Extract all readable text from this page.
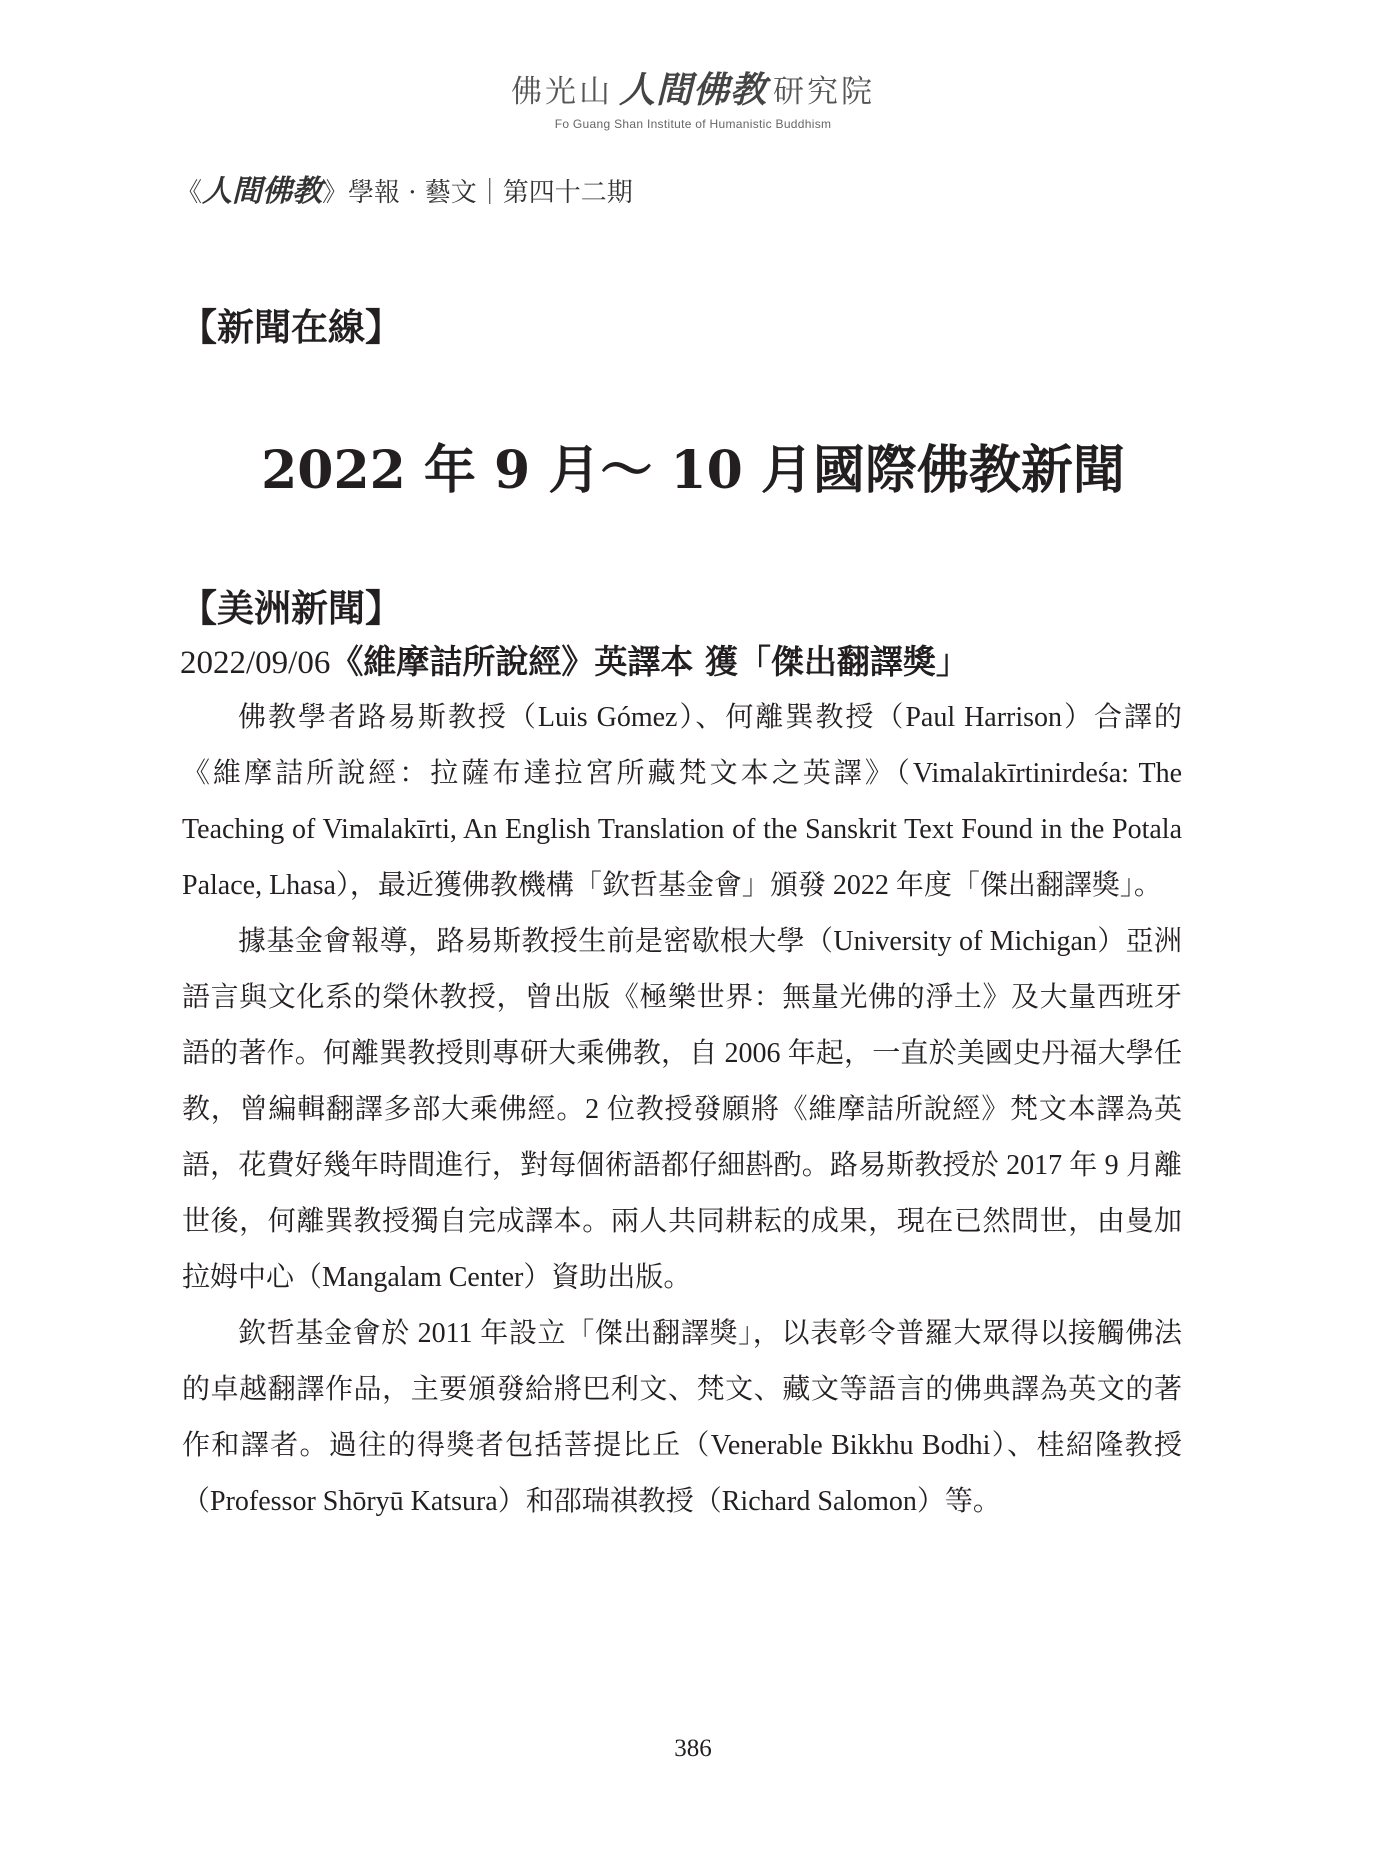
佛光山 人間佛教 研究院
Fo Guang Shan Institute of Humanistic Buddhism
《人間佛教》學報 · 藝文｜第四十二期
【新聞在線】
2022 年 9 月～ 10 月國際佛教新聞
【美洲新聞】
2022/09/06《維摩詰所說經》英譯本 獲「傑出翻譯獎」

佛教學者路易斯教授（Luis Gómez）、何離巽教授（Paul Harrison）合譯的《維摩詰所說經：拉薩布達拉宮所藏梵文本之英譯》（Vimalakīrtinirdeśa: The Teaching of Vimalakīrti, An English Translation of the Sanskrit Text Found in the Potala Palace, Lhasa），最近獲佛教機構「欽哲基金會」頒發 2022 年度「傑出翻譯獎」。

據基金會報導，路易斯教授生前是密歇根大學（University of Michigan）亞洲語言與文化系的榮休教授，曾出版《極樂世界：無量光佛的淨土》及大量西班牙語的著作。何離巽教授則專研大乘佛教，自 2006 年起，一直於美國史丹福大學任教，曾編輯翻譯多部大乘佛經。2 位教授發願將《維摩詰所說經》梵文本譯為英語，花費好幾年時間進行，對每個術語都仔細斟酌。路易斯教授於 2017 年 9 月離世後，何離巽教授獨自完成譯本。兩人共同耕耘的成果，現在已然問世，由曼加拉姆中心（Mangalam Center）資助出版。

欽哲基金會於 2011 年設立「傑出翻譯獎」，以表彰令普羅大眾得以接觸佛法的卓越翻譯作品，主要頒發給將巴利文、梵文、藏文等語言的佛典譯為英文的著作和譯者。過往的得獎者包括菩提比丘（Venerable Bikkhu Bodhi）、桂紹隆教授（Professor Shōryū Katsura）和邵瑞祺教授（Richard Salomon）等。

386
